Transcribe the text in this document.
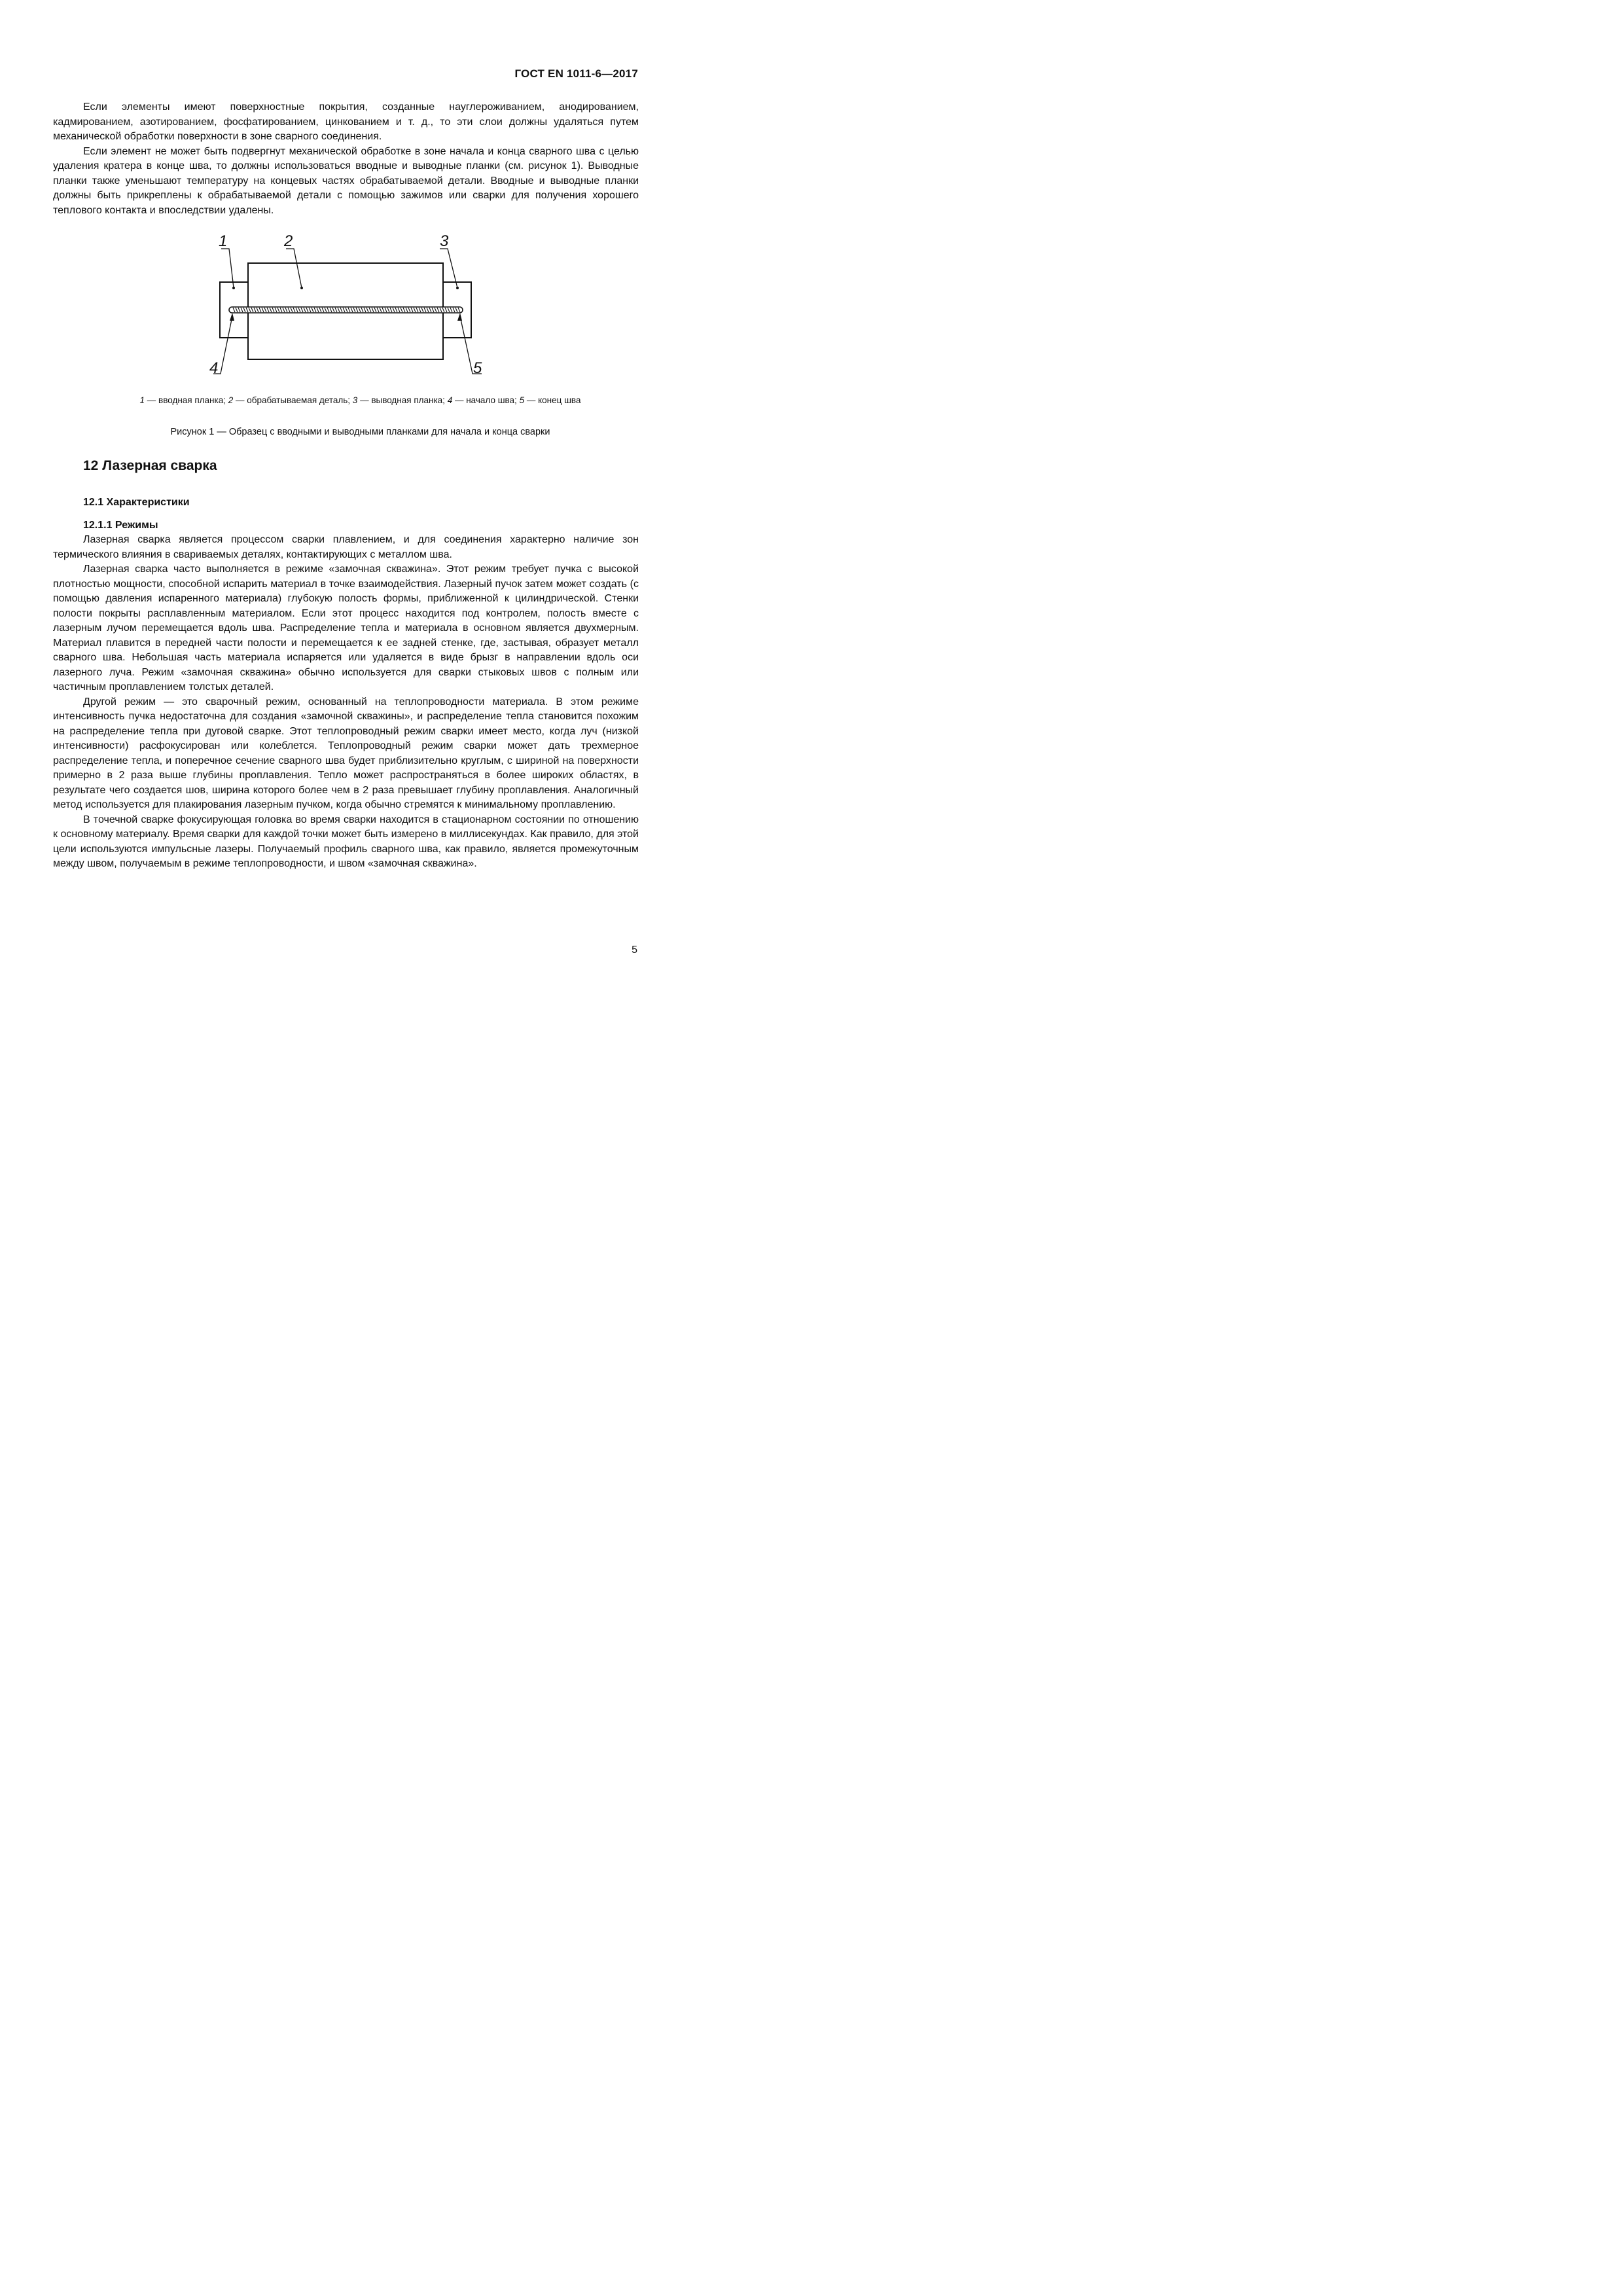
ГОСТ EN 1011-6—2017

Если элементы имеют поверхностные покрытия, созданные науглероживанием, анодированием, кадмированием, азотированием, фосфатированием, цинкованием и т. д., то эти слои должны удаляться путем механической обработки поверхности в зоне сварного соединения.

Если элемент не может быть подвергнут механической обработке в зоне начала и конца сварного шва с целью удаления кратера в конце шва, то должны использоваться вводные и выводные планки (см. рисунок 1). Выводные планки также уменьшают температуру на концевых частях обрабатываемой детали. Вводные и выводные планки должны быть прикреплены к обрабатываемой детали с помощью зажимов или сварки для получения хорошего теплового контакта и впоследствии удалены.

1	2	3
4	5
1 — вводная планка; 2 — обрабатываемая деталь; 3 — выводная планка; 4 — начало шва; 5 — конец шва
Рисунок 1 — Образец с вводными и выводными планками для начала и конца сварки
12 Лазерная сварка
12.1 Характеристики
12.1.1 Режимы

Лазерная сварка является процессом сварки плавлением, и для соединения характерно наличие зон термического влияния в свариваемых деталях, контактирующих с металлом шва.

Лазерная сварка часто выполняется в режиме «замочная скважина». Этот режим требует пучка с высокой плотностью мощности, способной испарить материал в точке взаимодействия. Лазерный пучок затем может создать (с помощью давления испаренного материала) глубокую полость формы, приближенной к цилиндрической. Стенки полости покрыты расплавленным материалом. Если этот процесс находится под контролем, полость вместе с лазерным лучом перемещается вдоль шва. Распределение тепла и материала в основном является двухмерным. Материал плавится в передней части полости и перемещается к ее задней стенке, где, застывая, образует металл сварного шва. Небольшая часть материала испаряется или удаляется в виде брызг в направлении вдоль оси лазерного луча. Режим «замочная скважина» обычно используется для сварки стыковых швов с полным или частичным проплавлением толстых деталей.

Другой режим — это сварочный режим, основанный на теплопроводности материала. В этом режиме интенсивность пучка недостаточна для создания «замочной скважины», и распределение тепла становится похожим на распределение тепла при дуговой сварке. Этот теплопроводный режим сварки имеет место, когда луч (низкой интенсивности) расфокусирован или колеблется. Теплопроводный режим сварки может дать трехмерное распределение тепла, и поперечное сечение сварного шва будет приблизительно круглым, с шириной на поверхности примерно в 2 раза выше глубины проплавления. Тепло может распространяться в более широких областях, в результате чего создается шов, ширина которого более чем в 2 раза превышает глубину проплавления. Аналогичный метод используется для плакирования лазерным пучком, когда обычно стремятся к минимальному проплавлению.

В точечной сварке фокусирующая головка во время сварки находится в стационарном состоянии по отношению к основному материалу. Время сварки для каждой точки может быть измерено в миллисекундах. Как правило, для этой цели используются импульсные лазеры. Получаемый профиль сварного шва, как правило, является промежуточным между швом, получаемым в режиме теплопроводности, и швом «замочная скважина».

5
